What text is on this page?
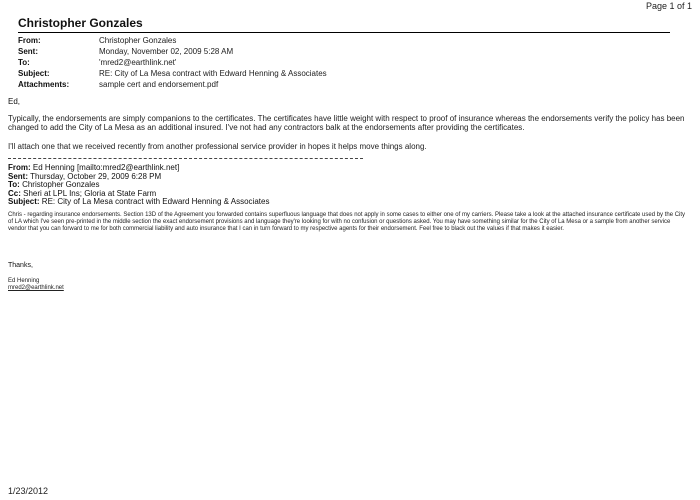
Page 1 of 1
Christopher Gonzales
From:	Christopher Gonzales
Sent:	Monday, November 02, 2009 5:28 AM
To:	'mred2@earthlink.net'
Subject:	RE: City of La Mesa contract with Edward Henning & Associates
Attachments:	sample cert and endorsement.pdf
Ed,
Typically, the endorsements are simply companions to the certificates. The certificates have little weight with respect to proof of insurance whereas the endorsements verify the policy has been changed to add the City of La Mesa as an additional insured. I've not had any contractors balk at the endorsements after providing the certificates.
I'll attach one that we received recently from another professional service provider in hopes it helps move things along.
From: Ed Henning [mailto:mred2@earthlink.net]
Sent: Thursday, October 29, 2009 6:28 PM
To: Christopher Gonzales
Cc: Sheri at LPL Ins; Gloria at State Farm
Subject: RE: City of La Mesa contract with Edward Henning & Associates
Chris - regarding insurance endorsements. Section 13D of the Agreement you forwarded contains superfluous language that does not apply in some cases to either one of my carriers. Please take a look at the attached insurance certificate used by the City of LA which I've seen pre-printed in the middle section the exact endorsement provisions and language they're looking for with no confusion or questions asked. You may have something similar for the City of La Mesa or a sample from another service vendor that you can forward to me for both commercial liability and auto insurance that I can in turn forward to my respective agents for their endorsement. Feel free to black out the values if that makes it easier.
Thanks,
Ed Henning
mred2@earthlink.net
1/23/2012
